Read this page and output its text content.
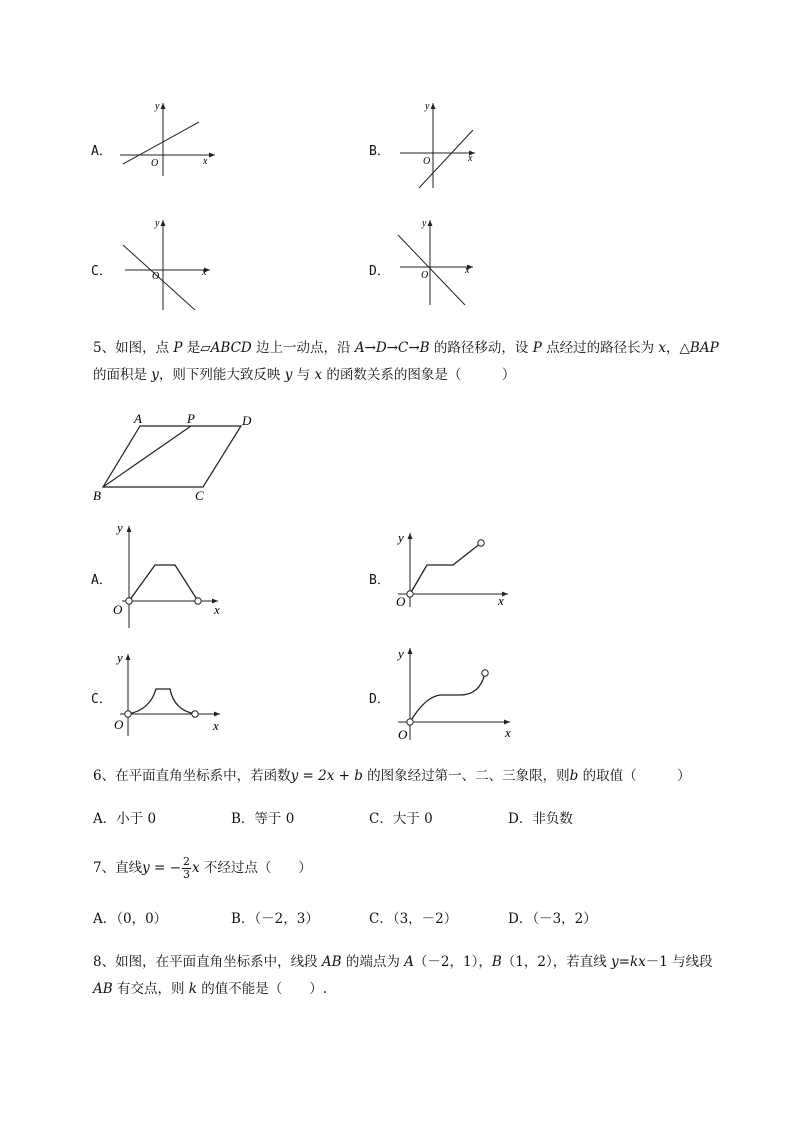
A．
y
x
O
B．
y
x
O
C．
y
x
O	D．
y
x
O
5、如图，点 P 是▱ABCD 边上一动点，沿 A→D→C→B 的路径移动，设 P 点经过的路径长为 x，△BAP
的面积是 y，则下列能大致反映 y 与 x 的函数关系的图象是（　　　）
A	P	D
B	C
A．
y
x
O
B．
y
x
O
C．
y
x
O
D．
y
x
O
6、在平面直角坐标系中，若函数y = 2x + b 的图象经过第一、二、三象限，则b 的取值（　　　）
A．小于 0	B．等于 0	C．大于 0	D．非负数
7、直线y = − $\frac{2}{3}$ x 不经过点（　　）
A．（0，0）	B．（－2，3）	C．（3，－2）	D．（－3，2）
8、如图，在平面直角坐标系中，线段 AB 的端点为 A（－2，1），B（1，2），若直线 y=kx－1 与线段
AB 有交点，则 k 的值不能是（　　）.
